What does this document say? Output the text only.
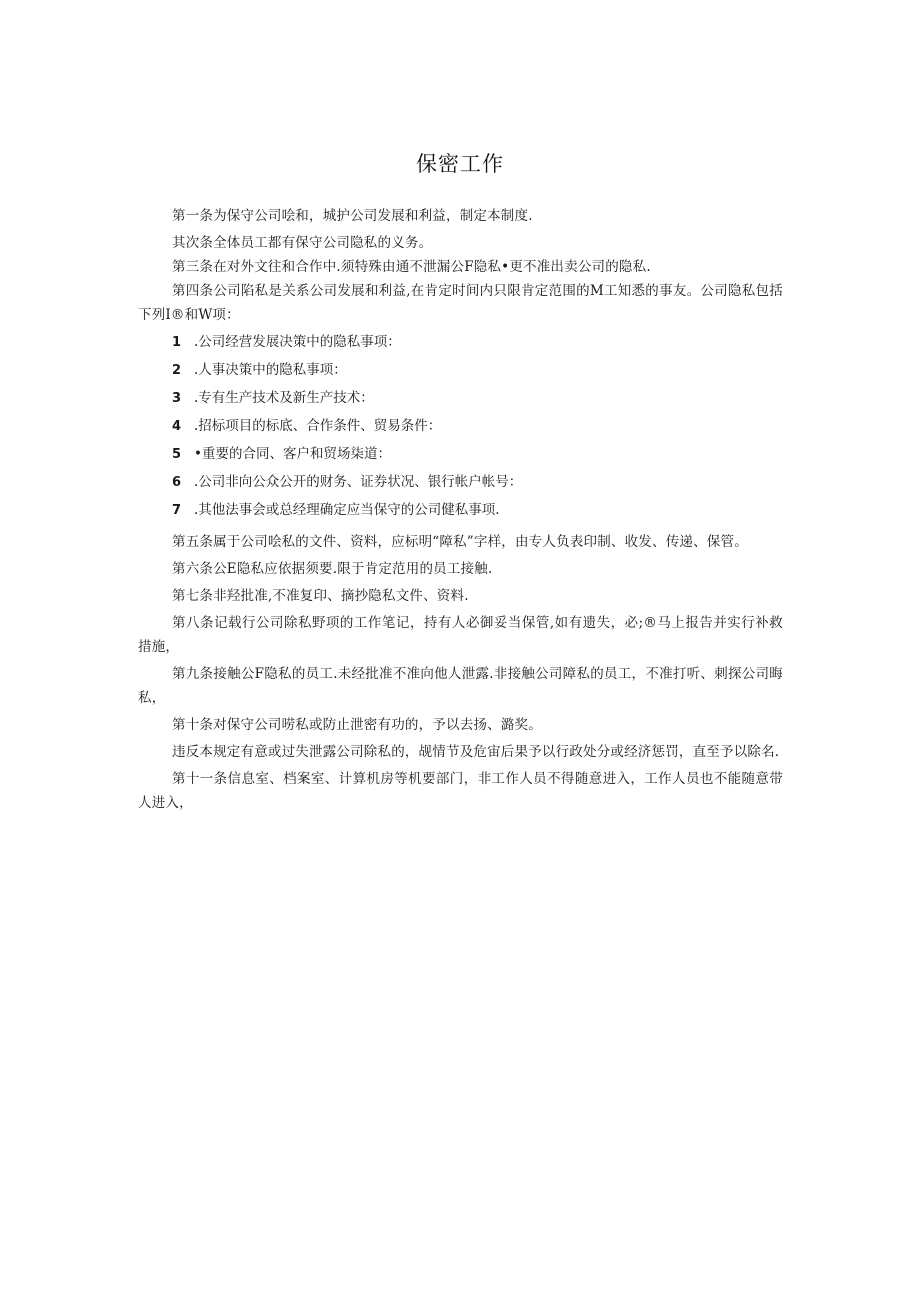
保密工作

第一条为保守公司哙和，城护公司发展和利益，制定本制度.

其次条全体员工都有保守公司隐私的义务。

第三条在对外文往和合作中.须特殊由通不泄漏公F隐私•更不准出卖公司的隐私.

第四条公司陷私是关系公司发展和利益,在肯定时间内只限肯定范围的M工知悉的事友。公司隐私包括下列I®和W项：

1 .公司经营发展决策中的隐私事项：
2 .人事决策中的隐私事项：
3 .专有生产技术及新生产技术：
4 .招标项目的标底、合作条件、贸易条件：
5 •重要的合同、客户和贸场柒道：
6 .公司非向公众公开的财务、证券状况、银行帐户帐号：
7 .其他法事会或总经理确定应当保守的公司健私事项.

第五条属于公司哙私的文件、资料，应标明“障私”字样，由专人负表印制、收发、传递、保管。

第六条公E隐私应依据须要.限于肯定范用的员工接触.

第七条非羟批准,不准复印、摘抄隐私文件、资料.

第八条记载行公司除私野项的工作笔记，持有人必御妥当保管,如有遗失，必;®马上报告并实行补救措施，

第九条接触公F隐私的员工.未经批准不准向他人泄露.非接触公司障私的员工，不准打听、刺探公司晦私，

第十条对保守公司唠私或防止泄密有功的，予以去扬、潞奖。

违反本规定有意或过失泄露公司除私的，觇情节及危宙后果予以行政处分或经济惩罚，直至予以除名.

第十一条信息室、档案室、计算机房等机要部门，非工作人员不得随意进入，工作人员也不能随意带人进入，
